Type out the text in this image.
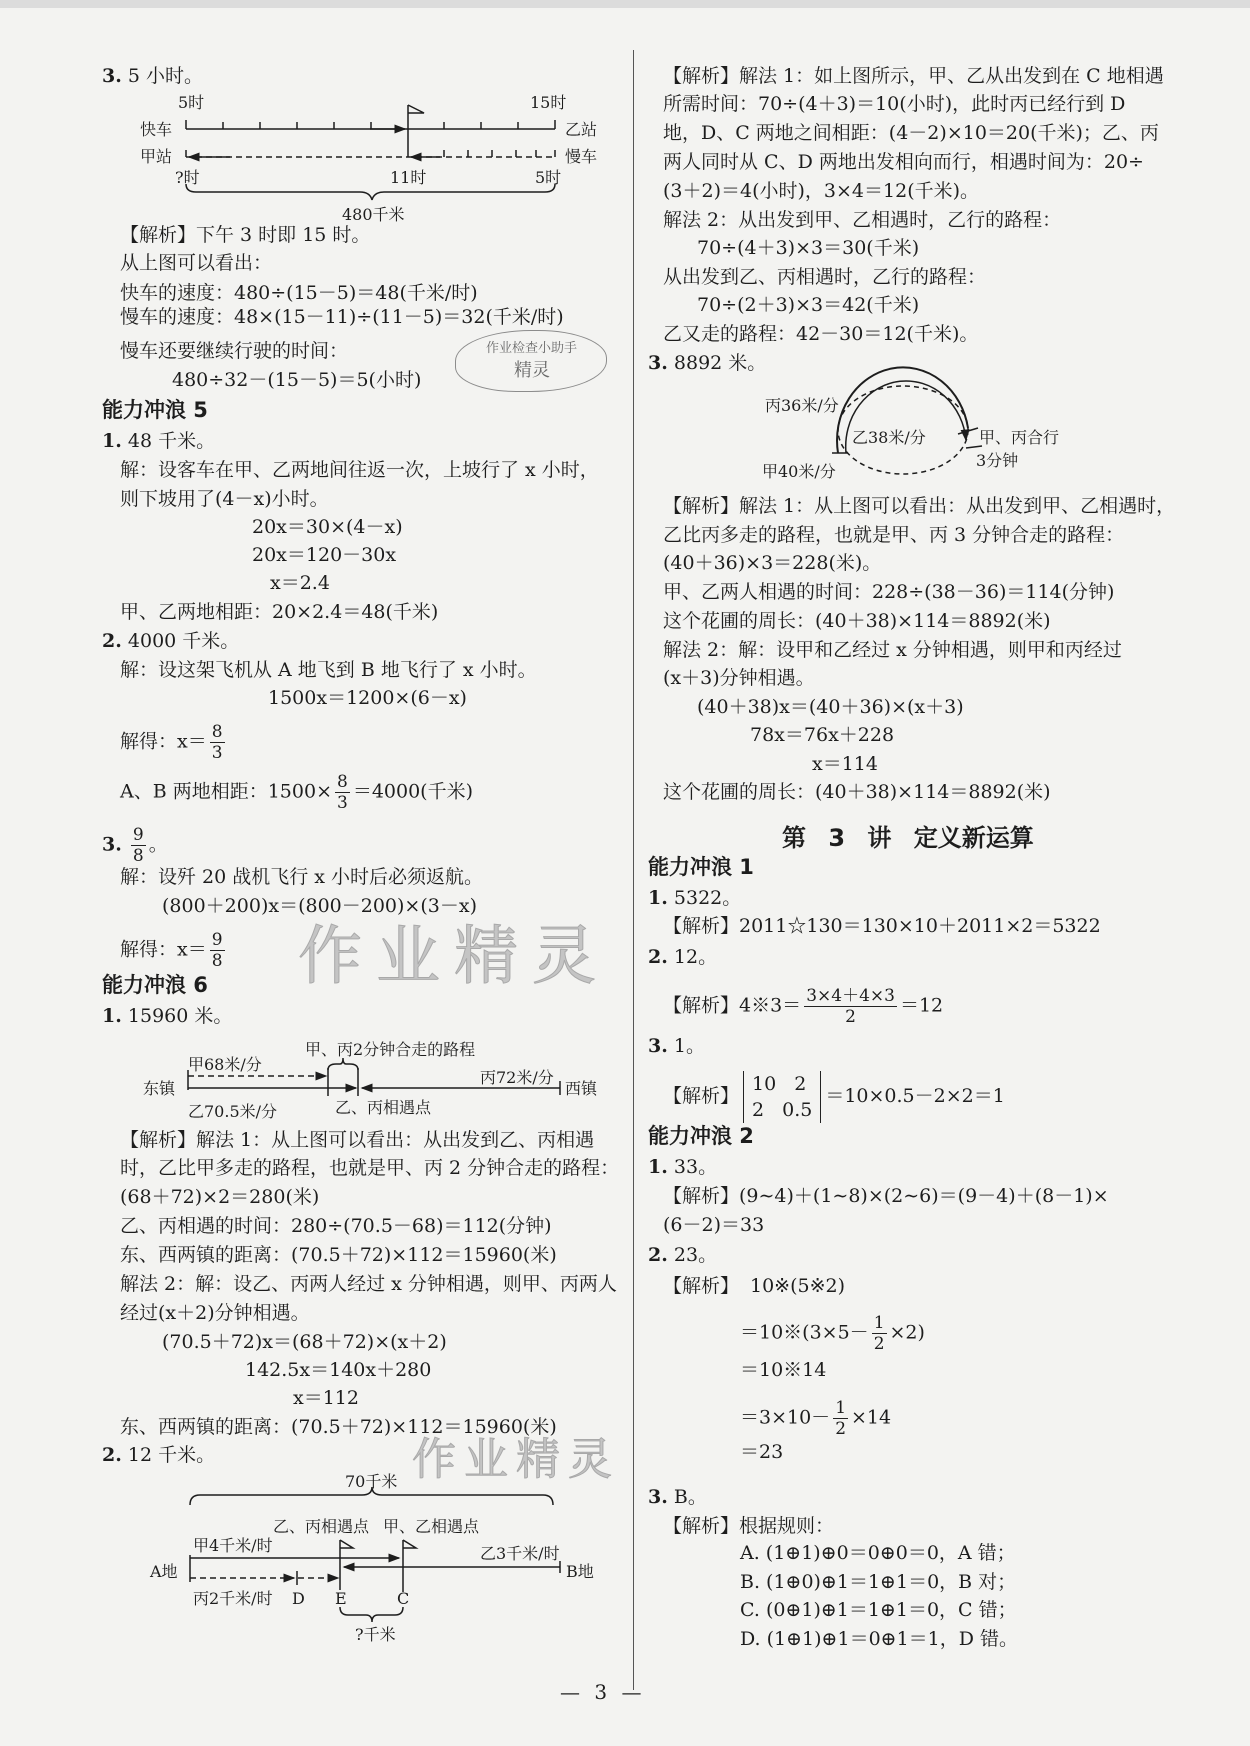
作业精灵
作业精灵
作业检查小助手
精灵
3. 5 小时。
【解析】下午 3 时即 15 时。
从上图可以看出：
快车的速度：480÷(15－5)＝48(千米/时)
慢车的速度：48×(15－11)÷(11－5)＝32(千米/时)
慢车还要继续行驶的时间：
480÷32－(15－5)＝5(小时)
能力冲浪 5
1. 48 千米。
解：设客车在甲、乙两地间往返一次，上坡行了 x 小时，
则下坡用了(4－x)小时。
20x＝30×(4－x)
20x＝120－30x
x＝2.4
甲、乙两地相距：20×2.4＝48(千米)
2. 4000 千米。
解：设这架飞机从 A 地飞到 B 地飞行了 x 小时。
1500x＝1200×(6－x)
解得：$x= \frac{8}{3}$
A、B 两地相距：$1500\times \frac{8}{3} =4000$(千米)
3. $\frac{9}{8}$ 。
解：设歼 20 战机飞行 x 小时后必须返航。
(800＋200)x＝(800－200)×(3－x)
解得：$x= \frac{9}{8}$
能力冲浪 6
1. 15960 米。
【解析】解法 1：从上图可以看出：从出发到乙、丙相遇
时，乙比甲多走的路程，也就是甲、丙 2 分钟合走的路程：
(68＋72)×2＝280(米)
乙、丙相遇的时间：280÷(70.5－68)＝112(分钟)
东、西两镇的距离：(70.5＋72)×112＝15960(米)
解法 2：解：设乙、丙两人经过 x 分钟相遇，则甲、丙两人
经过(x＋2)分钟相遇。
(70.5＋72)x＝(68＋72)×(x＋2)
142.5x＝140x＋280
x＝112
东、西两镇的距离：(70.5＋72)×112＝15960(米)
2. 12 千米。
【解析】解法 1：如上图所示，甲、乙从出发到在 C 地相遇
所需时间：70÷(4＋3)＝10(小时)，此时丙已经行到 D
地，D、C 两地之间相距：(4－2)×10＝20(千米)；乙、丙
两人同时从 C、D 两地出发相向而行，相遇时间为：20÷
(3＋2)＝4(小时)，3×4＝12(千米)。
解法 2：从出发到甲、乙相遇时，乙行的路程：
70÷(4＋3)×3＝30(千米)
从出发到乙、丙相遇时，乙行的路程：
70÷(2＋3)×3＝42(千米)
乙又走的路程：42－30＝12(千米)。
3. 8892 米。
【解析】解法 1：从上图可以看出：从出发到甲、乙相遇时，
乙比丙多走的路程，也就是甲、丙 3 分钟合走的路程：
(40＋36)×3＝228(米)。
甲、乙两人相遇的时间：228÷(38－36)＝114(分钟)
这个花圃的周长：(40＋38)×114＝8892(米)
解法 2：解：设甲和乙经过 x 分钟相遇，则甲和丙经过
(x＋3)分钟相遇。
(40＋38)x＝(40＋36)×(x＋3)
78x＝76x＋228
x＝114
这个花圃的周长：(40＋38)×114＝8892(米)
第 3 讲 定义新运算
能力冲浪 1
1. 5322。
【解析】2011☆130＝130×10＋2011×2＝5322
2. 12。
【解析】4※3＝ $\frac{3\times 4+4\times 3}{2} =12$
3. 1。
【解析】
10 2
2 0.5
＝10×0.5－2×2＝1
能力冲浪 2
1. 33。
【解析】(9∼4)＋(1∼8)×(2∼6)＝(9－4)＋(8－1)×
(6－2)＝33
2. 23。
【解析】 10※(5※2)
＝10※(3×5－ $\frac{1}{2} \times 2$)
＝10※14
$=3\times 10- \frac{1}{2} \times 14$
＝23
3. B。
【解析】根据规则：
A. (1⊕1)⊕0＝0⊕0＝0，A 错；
B. (1⊕0)⊕1＝1⊕1＝0，B 对；
C. (0⊕1)⊕1＝1⊕1＝0，C 错；
D. (1⊕1)⊕1＝0⊕1＝1，D 错。
— 3 —
5时	15时
快车	乙站
甲站	慢车
?时	11时	5时
480千米
甲、丙2分钟合走的路程
甲68米/分
东镇
丙72米/分
西镇
乙70.5米/分	乙、丙相遇点
70千米
乙、丙相遇点 甲、乙相遇点
甲4千米/时	乙3千米/时
A地	B地
丙2千米/时 D E	C
?千米
丙36米/分
乙38米/分	甲、丙合行
3分钟
甲40米/分
